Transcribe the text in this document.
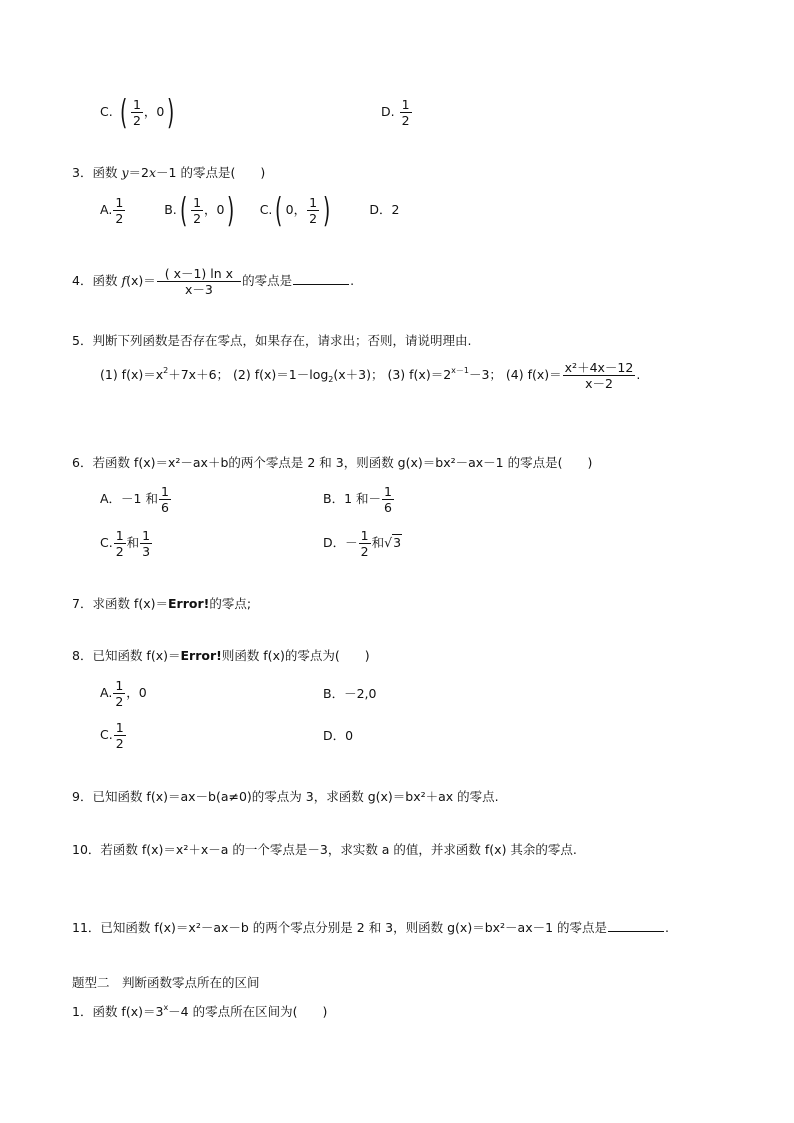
C. ( $\frac{1}{2}$ ，0)	D. $\frac{1}{2}$
3．函数 y＝2x－1 的零点是(　　)
A. $\frac{1}{2}$	$B.( \frac{1}{2}$ ，0) C.( 0， $\frac{1}{2}$ )	D．2
4．函数 $f(x)= \frac{\text{( x－1) ln x}}{x-3}$ 的零点是	.
5．判断下列函数是否存在零点，如果存在，请求出；否则，请说明理由.
(1) $f(x)=x^2+7x+6$； (2) $f(x)=1-\log_2(x+3)$； (3) $f(x)=2^{x-1}-3$； (4) $f(x)= \frac{\text{x²＋4x－12}}{x-2}$ .
6．若函数 f(x)＝x²－ax＋b的两个零点是 2 和 3，则函数 g(x)＝bx²－ax－1 的零点是(　　)
A．－1 和 $\frac{1}{6}$	B．1 和－ $\frac{1}{6}$
C. $\frac{1}{2}$ 和 $\frac{1}{3}$	D．－ $\frac{1}{2}$ 和√3
7．求函数 f(x)＝Error!的零点;
8．已知函数 f(x)＝Error!则函数 f(x)的零点为(　　)
A. $\frac{1}{2}$ ，0	B．－2,0
C. $\frac{1}{2}$	D．0
9．已知函数 f(x)＝ax－b(a≠0)的零点为 3，求函数 g(x)＝bx²＋ax 的零点.
10．若函数 f(x)＝x²＋x－a 的一个零点是－3，求实数 a 的值，并求函数 f(x) 其余的零点.
11．已知函数 f(x)＝x²－ax－b 的两个零点分别是 2 和 3，则函数 g(x)＝bx²－ax－1 的零点是	.
题型二　判断函数零点所在的区间
1．函数 $f(x)=3^x-4$ 的零点所在区间为(　　)
